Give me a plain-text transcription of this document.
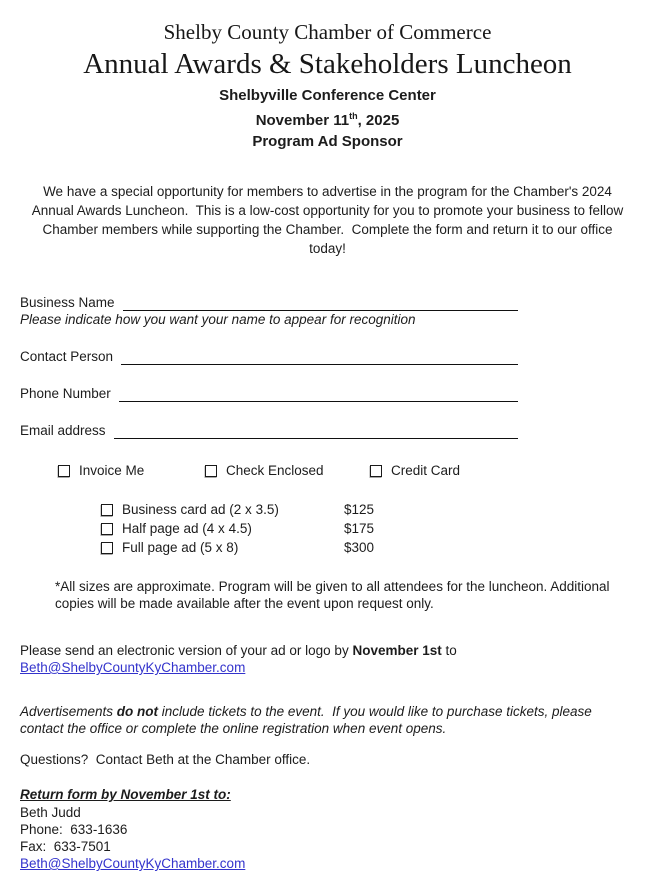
Shelby County Chamber of Commerce
Annual Awards & Stakeholders Luncheon

Shelbyville Conference Center

November 11th, 2025

Program Ad Sponsor

We have a special opportunity for members to advertise in the program for the Chamber's 2024 Annual Awards Luncheon.  This is a low-cost opportunity for you to promote your business to fellow Chamber members while supporting the Chamber.  Complete the form and return it to our office today!

Business Name

Please indicate how you want your name to appear for recognition

Contact Person
Phone Number
Email address
Invoice Me	Check Enclosed	Credit Card
Business card ad (2 x 3.5)	$125
Half page ad (4 x 4.5)	$175
Full page ad (5 x 8)	$300

*All sizes are approximate. Program will be given to all attendees for the luncheon. Additional copies will be made available after the event upon request only.

Please send an electronic version of your ad or logo by November 1st to Beth@ShelbyCountyKyChamber.com

Advertisements do not include tickets to the event.  If you would like to purchase tickets, please contact the office or complete the online registration when event opens.

Questions?  Contact Beth at the Chamber office.

Return form by November 1st to:

Beth Judd

Phone:  633-1636

Fax:  633-7501

Beth@ShelbyCountyKyChamber.com
